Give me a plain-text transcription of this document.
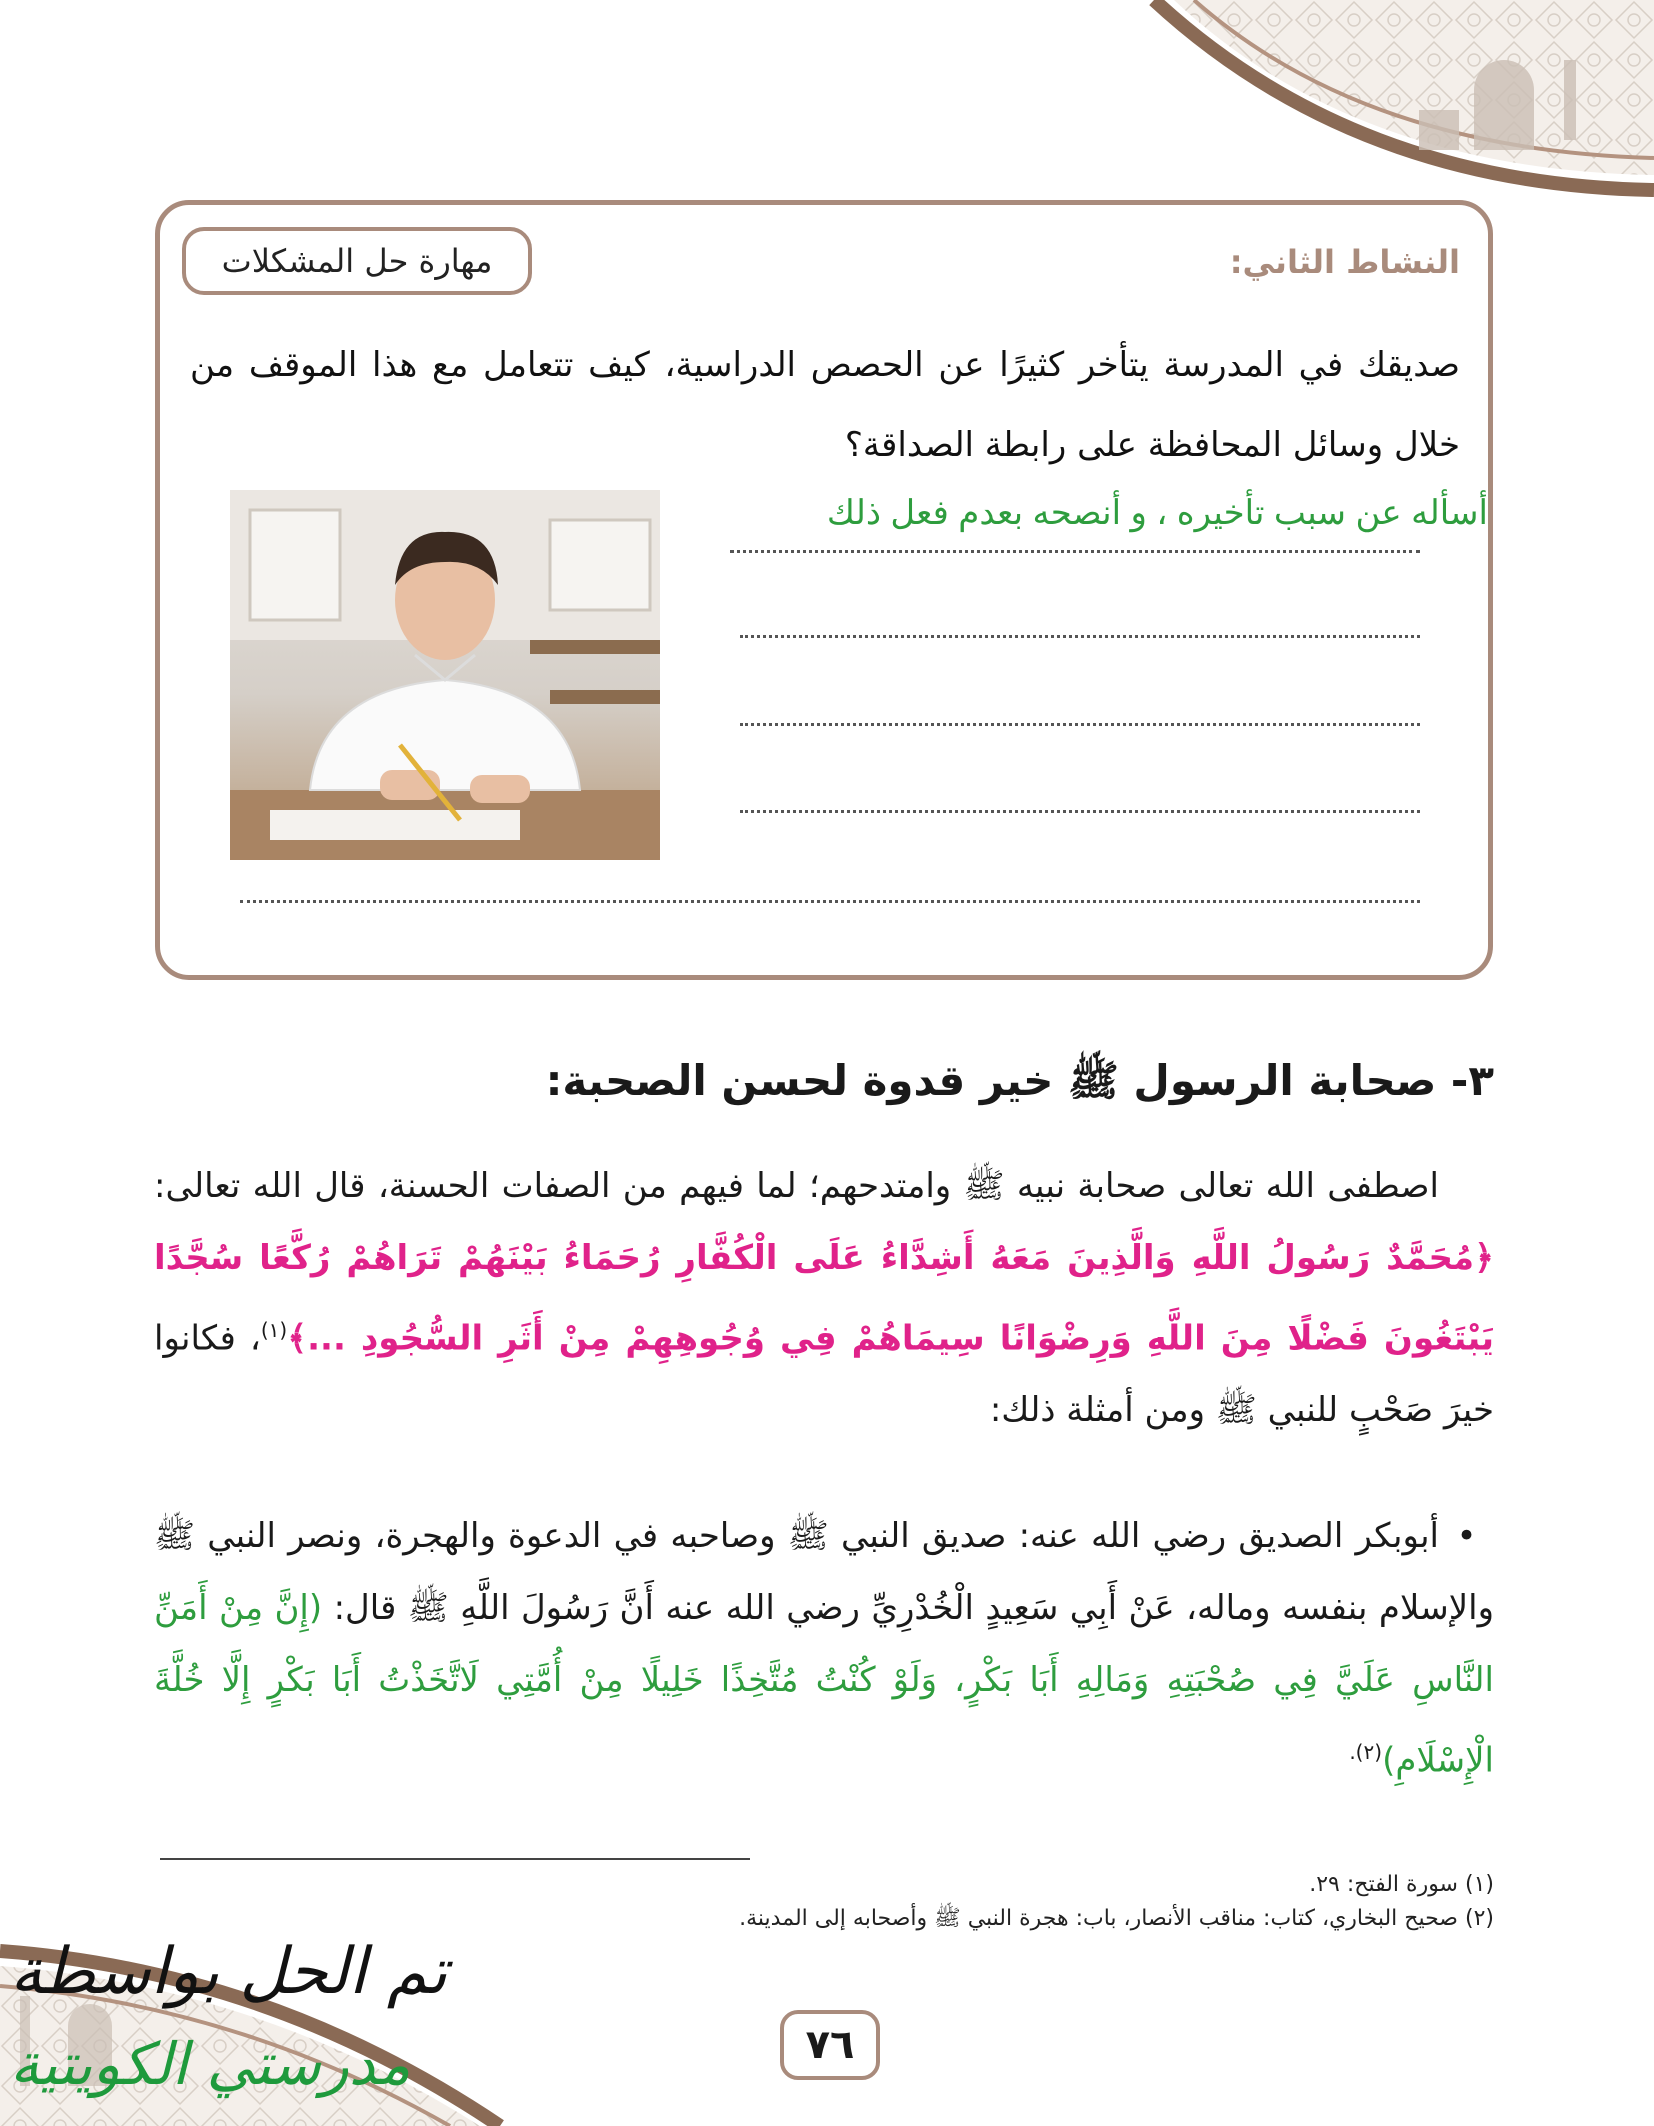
مهارة حل المشكلات	النشاط الثاني:
صديقك في المدرسة يتأخر كثيرًا عن الحصص الدراسية، كيف تتعامل مع هذا الموقف من خلال وسائل المحافظة على رابطة الصداقة؟
أسأله عن سبب تأخيره ، و أنصحه بعدم فعل ذلك
٣- صحابة الرسول ﷺ خير قدوة لحسن الصحبة:
اصطفى الله تعالى صحابة نبيه ﷺ وامتدحهم؛ لما فيهم من الصفات الحسنة، قال الله تعالى: ﴿مُحَمَّدٌ رَسُولُ اللَّهِ وَالَّذِينَ مَعَهُ أَشِدَّاءُ عَلَى الْكُفَّارِ رُحَمَاءُ بَيْنَهُمْ تَرَاهُمْ رُكَّعًا سُجَّدًا يَبْتَغُونَ فَضْلًا مِنَ اللَّهِ وَرِضْوَانًا سِيمَاهُمْ فِي وُجُوهِهِمْ مِنْ أَثَرِ السُّجُودِ ...﴾$^{(١)}$، فكانوا خيرَ صَحْبٍ للنبي ﷺ ومن أمثلة ذلك:
•أبوبكر الصديق رضي الله عنه: صديق النبي ﷺ وصاحبه في الدعوة والهجرة، ونصر النبي ﷺ والإسلام بنفسه وماله، عَنْ أَبِي سَعِيدٍ الْخُدْرِيِّ رضي الله عنه أَنَّ رَسُولَ اللَّهِ ﷺ قال: (إِنَّ مِنْ أَمَنِّ النَّاسِ عَلَيَّ فِي صُحْبَتِهِ وَمَالِهِ أَبَا بَكْرٍ، وَلَوْ كُنْتُ مُتَّخِذًا خَلِيلًا مِنْ أُمَّتِي لَاتَّخَذْتُ أَبَا بَكْرٍ إِلَّا خُلَّةَ الْإِسْلَامِ)$^{(٢).}$
(١) سورة الفتح: ٢٩.
(٢) صحيح البخاري، كتاب: مناقب الأنصار، باب: هجرة النبي ﷺ وأصحابه إلى المدينة.
٧٦
تم الحل بواسطة
مدرستي الكويتية
